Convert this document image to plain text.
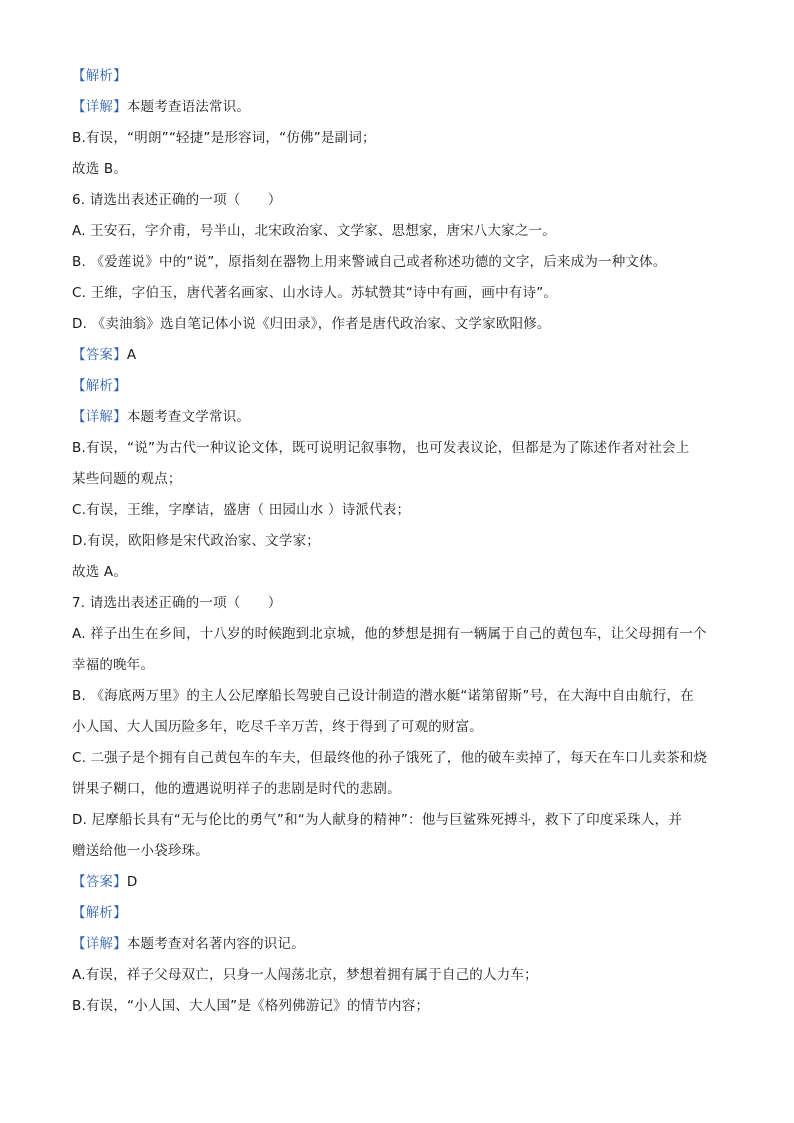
【解析】
【详解】本题考查语法常识。
B.有误，“明朗”“轻捷”是形容词，“仿佛”是副词；
故选 B。
6. 请选出表述正确的一项（　　）
A. 王安石，字介甫，号半山，北宋政治家、文学家、思想家，唐宋八大家之一。
B. 《爱莲说》中的“说”，原指刻在器物上用来警诫自己或者称述功德的文字，后来成为一种文体。
C. 王维，字伯玉，唐代著名画家、山水诗人。苏轼赞其“诗中有画，画中有诗”。
D. 《卖油翁》选自笔记体小说《归田录》，作者是唐代政治家、文学家欧阳修。
【答案】A
【解析】
【详解】本题考查文学常识。
B.有误，“说”为古代一种议论文体，既可说明记叙事物，也可发表议论，但都是为了陈述作者对社会上
某些问题的观点；
C.有误，王维，字摩诘，盛唐（ 田园山水 ）诗派代表；
D.有误，欧阳修是宋代政治家、文学家；
故选 A。
7. 请选出表述正确的一项（　　）
A. 祥子出生在乡间，十八岁的时候跑到北京城，他的梦想是拥有一辆属于自己的黄包车，让父母拥有一个
幸福的晚年。
B. 《海底两万里》的主人公尼摩船长驾驶自己设计制造的潜水艇“诺第留斯”号，在大海中自由航行，在
小人国、大人国历险多年，吃尽千辛万苦，终于得到了可观的财富。
C. 二强子是个拥有自己黄包车的车夫，但最终他的孙子饿死了，他的破车卖掉了，每天在车口儿卖茶和烧
饼果子糊口，他的遭遇说明祥子的悲剧是时代的悲剧。
D. 尼摩船长具有“无与伦比的勇气”和“为人献身的精神”：他与巨鲨殊死搏斗，救下了印度采珠人，并
赠送给他一小袋珍珠。
【答案】D
【解析】
【详解】本题考查对名著内容的识记。
A.有误，祥子父母双亡，只身一人闯荡北京，梦想着拥有属于自己的人力车；
B.有误，“小人国、大人国”是《格列佛游记》的情节内容；
